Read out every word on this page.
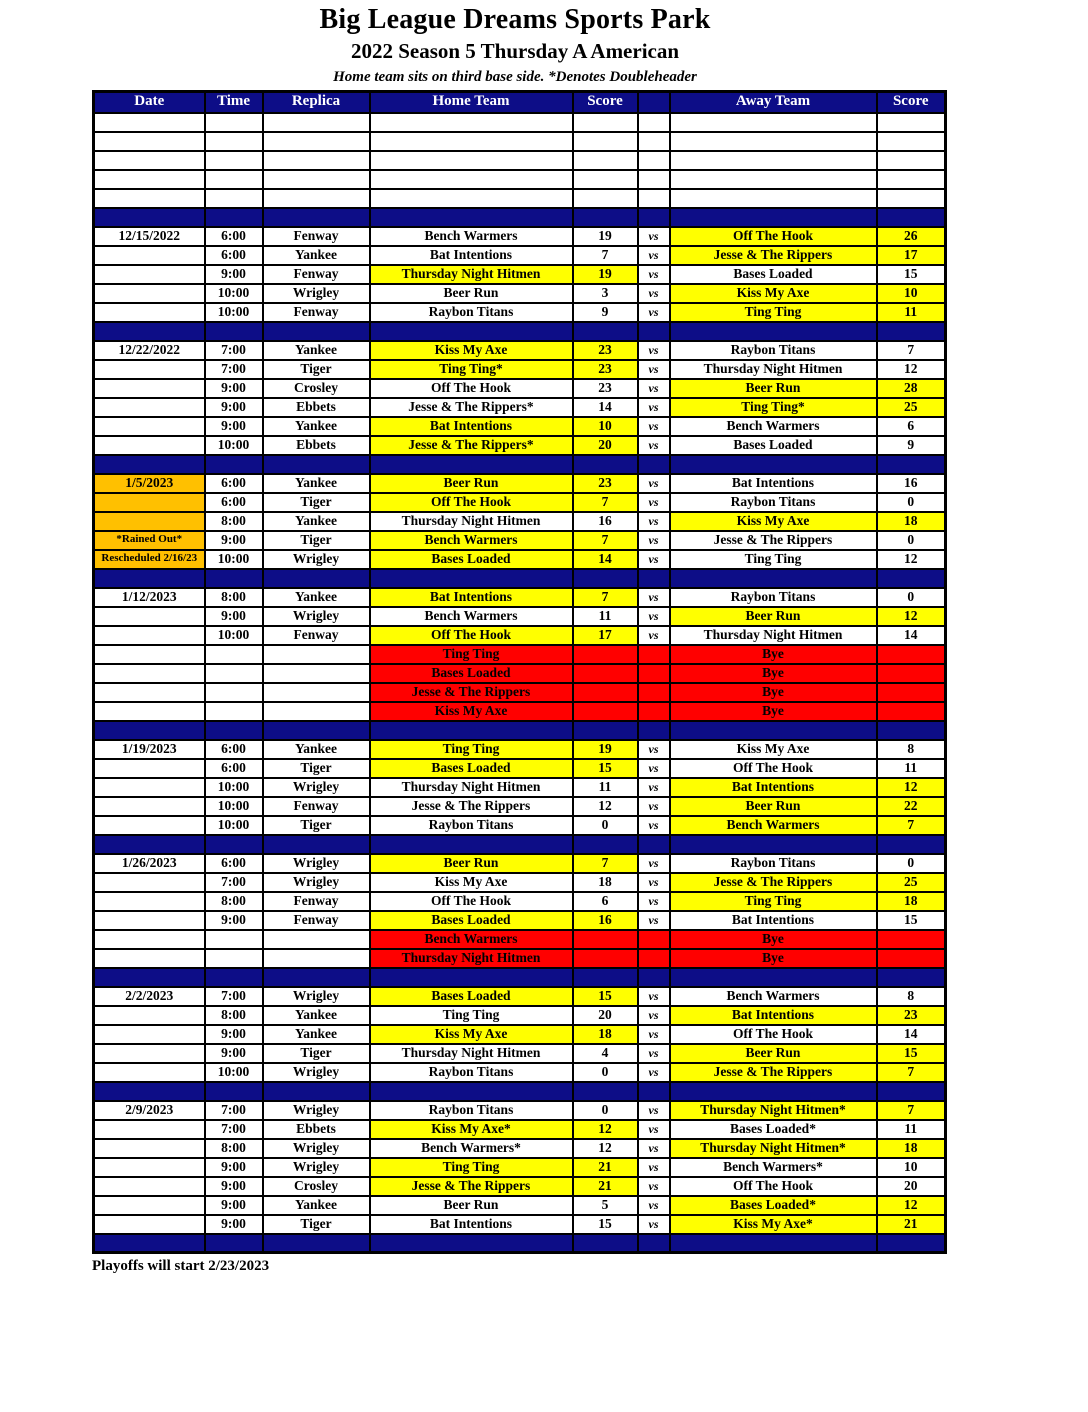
Big League Dreams Sports Park
2022 Season 5 Thursday A American
Home team sits on third base side. *Denotes Doubleheader
Date	Time	Replica	Home Team	Score		Away Team	Score

12/15/2022	6:00	Fenway	Bench Warmers	19	vs	Off The Hook	26
	6:00	Yankee	Bat Intentions	7	vs	Jesse & The Rippers	17
	9:00	Fenway	Thursday Night Hitmen	19	vs	Bases Loaded	15
	10:00	Wrigley	Beer Run	3	vs	Kiss My Axe	10
	10:00	Fenway	Raybon Titans	9	vs	Ting Ting	11

12/22/2022	7:00	Yankee	Kiss My Axe	23	vs	Raybon Titans	7
	7:00	Tiger	Ting Ting*	23	vs	Thursday Night Hitmen	12
	9:00	Crosley	Off The Hook	23	vs	Beer Run	28
	9:00	Ebbets	Jesse & The Rippers*	14	vs	Ting Ting*	25
	9:00	Yankee	Bat Intentions	10	vs	Bench Warmers	6
	10:00	Ebbets	Jesse & The Rippers*	20	vs	Bases Loaded	9

1/5/2023	6:00	Yankee	Beer Run	23	vs	Bat Intentions	16
	6:00	Tiger	Off The Hook	7	vs	Raybon Titans	0
	8:00	Yankee	Thursday Night Hitmen	16	vs	Kiss My Axe	18
*Rained Out*	9:00	Tiger	Bench Warmers	7	vs	Jesse & The Rippers	0
Rescheduled 2/16/23	10:00	Wrigley	Bases Loaded	14	vs	Ting Ting	12

1/12/2023	8:00	Yankee	Bat Intentions	7	vs	Raybon Titans	0
	9:00	Wrigley	Bench Warmers	11	vs	Beer Run	12
	10:00	Fenway	Off The Hook	17	vs	Thursday Night Hitmen	14
			Ting Ting			Bye	
			Bases Loaded			Bye	
			Jesse & The Rippers			Bye	
			Kiss My Axe			Bye	

1/19/2023	6:00	Yankee	Ting Ting	19	vs	Kiss My Axe	8
	6:00	Tiger	Bases Loaded	15	vs	Off The Hook	11
	10:00	Wrigley	Thursday Night Hitmen	11	vs	Bat Intentions	12
	10:00	Fenway	Jesse & The Rippers	12	vs	Beer Run	22
	10:00	Tiger	Raybon Titans	0	vs	Bench Warmers	7

1/26/2023	6:00	Wrigley	Beer Run	7	vs	Raybon Titans	0
	7:00	Wrigley	Kiss My Axe	18	vs	Jesse & The Rippers	25
	8:00	Fenway	Off The Hook	6	vs	Ting Ting	18
	9:00	Fenway	Bases Loaded	16	vs	Bat Intentions	15
			Bench Warmers			Bye	
			Thursday Night Hitmen			Bye	

2/2/2023	7:00	Wrigley	Bases Loaded	15	vs	Bench Warmers	8
	8:00	Yankee	Ting Ting	20	vs	Bat Intentions	23
	9:00	Yankee	Kiss My Axe	18	vs	Off The Hook	14
	9:00	Tiger	Thursday Night Hitmen	4	vs	Beer Run	15
	10:00	Wrigley	Raybon Titans	0	vs	Jesse & The Rippers	7

2/9/2023	7:00	Wrigley	Raybon Titans	0	vs	Thursday Night Hitmen*	7
	7:00	Ebbets	Kiss My Axe*	12	vs	Bases Loaded*	11
	8:00	Wrigley	Bench Warmers*	12	vs	Thursday Night Hitmen*	18
	9:00	Wrigley	Ting Ting	21	vs	Bench Warmers*	10
	9:00	Crosley	Jesse & The Rippers	21	vs	Off The Hook	20
	9:00	Yankee	Beer Run	5	vs	Bases Loaded*	12
	9:00	Tiger	Bat Intentions	15	vs	Kiss My Axe*	21

Playoffs will start 2/23/2023
